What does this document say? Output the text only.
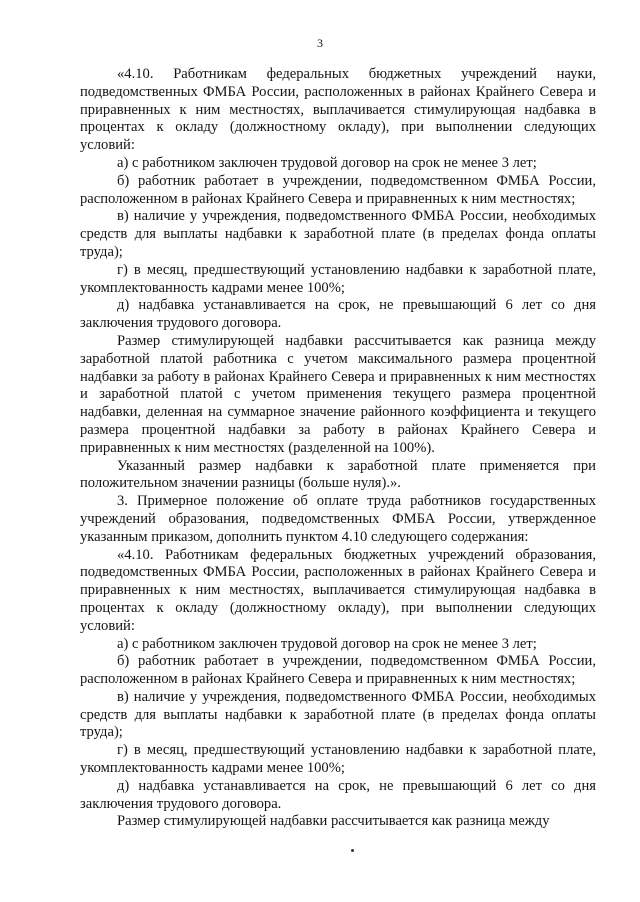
3

«4.10. Работникам федеральных бюджетных учреждений науки, подведомственных ФМБА России, расположенных в районах Крайнего Севера и приравненных к ним местностях, выплачивается стимулирующая надбавка в процентах к окладу (должностному окладу), при выполнении следующих условий:

а) с работником заключен трудовой договор на срок не менее 3 лет;

б) работник работает в учреждении, подведомственном ФМБА России, расположенном в районах Крайнего Севера и приравненных к ним местностях;

в) наличие у учреждения, подведомственного ФМБА России, необходимых средств для выплаты надбавки к заработной плате (в пределах фонда оплаты труда);

г) в месяц, предшествующий установлению надбавки к заработной плате, укомплектованность кадрами менее 100%;

д) надбавка устанавливается на срок, не превышающий 6 лет со дня заключения трудового договора.

Размер стимулирующей надбавки рассчитывается как разница между заработной платой работника с учетом максимального размера процентной надбавки за работу в районах Крайнего Севера и приравненных к ним местностях и заработной платой с учетом применения текущего размера процентной надбавки, деленная на суммарное значение районного коэффициента и текущего размера процентной надбавки за работу в районах Крайнего Севера и приравненных к ним местностях (разделенной на 100%).

Указанный размер надбавки к заработной плате применяется при положительном значении разницы (больше нуля).».

3. Примерное положение об оплате труда работников государственных учреждений образования, подведомственных ФМБА России, утвержденное указанным приказом, дополнить пунктом 4.10 следующего содержания:

«4.10. Работникам федеральных бюджетных учреждений образования, подведомственных ФМБА России, расположенных в районах Крайнего Севера и приравненных к ним местностях, выплачивается стимулирующая надбавка в процентах к окладу (должностному окладу), при выполнении следующих условий:

а) с работником заключен трудовой договор на срок не менее 3 лет;

б) работник работает в учреждении, подведомственном ФМБА России, расположенном в районах Крайнего Севера и приравненных к ним местностях;

в) наличие у учреждения, подведомственного ФМБА России, необходимых средств для выплаты надбавки к заработной плате (в пределах фонда оплаты труда);

г) в месяц, предшествующий установлению надбавки к заработной плате, укомплектованность кадрами менее 100%;

д) надбавка устанавливается на срок, не превышающий 6 лет со дня заключения трудового договора.

Размер стимулирующей надбавки рассчитывается как разница между
